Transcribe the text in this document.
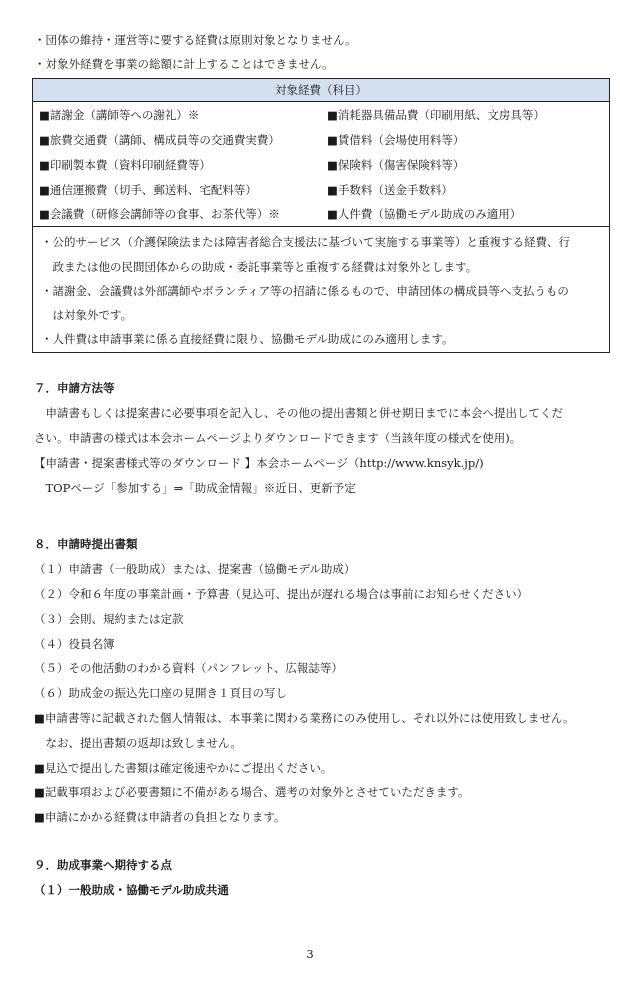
・団体の維持・運営等に要する経費は原則対象となりません。
・対象外経費を事業の総額に計上することはできません。
対象経費（科目）
■諸謝金（講師等への謝礼）※
■旅費交通費（講師、構成員等の交通費実費）
■印刷製本費（資料印刷経費等）
■通信運搬費（切手、郵送料、宅配料等）
■会議費（研修会講師等の食事、お茶代等）※
■消耗器具備品費（印刷用紙、文房具等）
■賃借料（会場使用料等）
■保険料（傷害保険料等）
■手数料（送金手数料）
■人件費（協働モデル助成のみ適用）
・公的サービス（介護保険法または障害者総合支援法に基づいて実施する事業等）と重複する経費、行
　政または他の民間団体からの助成・委託事業等と重複する経費は対象外とします。
・諸謝金、会議費は外部講師やボランティア等の招請に係るもので、申請団体の構成員等へ支払うもの
　は対象外です。
・人件費は申請事業に係る直接経費に限り、協働モデル助成にのみ適用します。
７．申請方法等
　申請書もしくは提案書に必要事項を記入し、その他の提出書類と併せ期日までに本会へ提出してくだ
さい。申請書の様式は本会ホームページよりダウンロードできます（当該年度の様式を使用)。
【申請書・提案書様式等のダウンロード 】本会ホームページ（http://www.knsyk.jp/)
　TOPページ「参加する」⇒「助成金情報」※近日、更新予定
８．申請時提出書類
（１）申請書（一般助成）または、提案書（協働モデル助成）
（２）令和６年度の事業計画・予算書（見込可、提出が遅れる場合は事前にお知らせください）
（３）会則、規約または定款
（４）役員名簿
（５）その他活動のわかる資料（パンフレット、広報誌等）
（６）助成金の振込先口座の見開き１頁目の写し
■申請書等に記載された個人情報は、本事業に関わる業務にのみ使用し、それ以外には使用致しません。
　なお、提出書類の返却は致しません。
■見込で提出した書類は確定後速やかにご提出ください。
■記載事項および必要書類に不備がある場合、選考の対象外とさせていただきます。
■申請にかかる経費は申請者の負担となります。
９．助成事業へ期待する点
（１）一般助成・協働モデル助成共通
3
